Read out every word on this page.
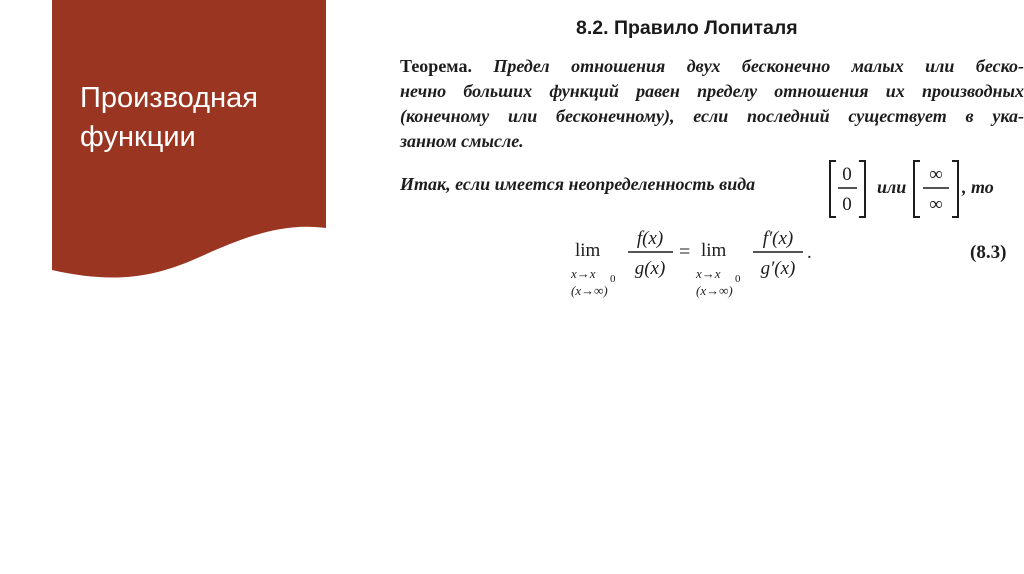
Производная функции
8.2. Правило Лопиталя

Теорема. Предел отношения двух бесконечно малых или беско-
нечно больших функций равен пределу отношения их производных
(конечному или бесконечному), если последний существует в ука-
занном смысле.

Итак, если имеется неопределенность вида	0
0
или
∞
∞
, то
lim
x→x 0
(x→∞)
f(x)
g(x)
= lim
x→x 0
(x→∞)
f′(x)
g′(x)
.	(8.3)
